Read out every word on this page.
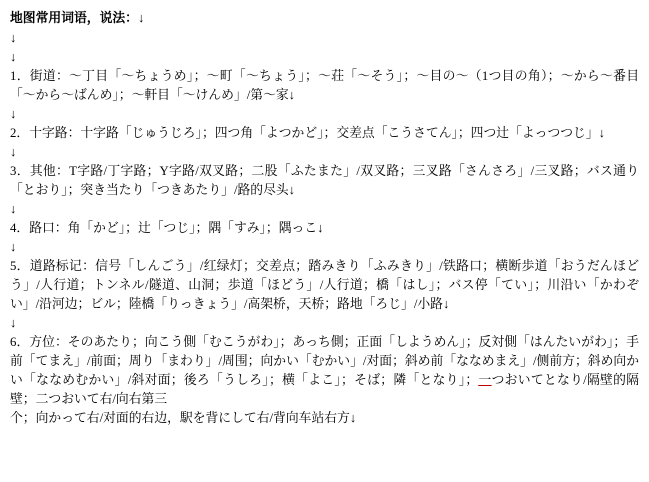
地图常用词语，说法：↓

↓

↓

1．街道：〜丁目「〜ちょうめ」；〜町「〜ちょう」；〜荘「〜そう」；〜目の〜（1つ目の角）；〜から〜番目「〜から〜ばんめ」；〜軒目「〜けんめ」/第〜家↓

↓

2．十字路：十字路「じゅうじろ」；四つ角「よつかど」；交差点「こうさてん」；四つ辻「よっつつじ」↓

↓

3．其他：T字路/丁字路；Y字路/双叉路；二股「ふたまた」/双叉路；三叉路「さんさろ」/三叉路；バス通り「とおり」；突き当たり「つきあたり」/路的尽头↓

↓

4．路口：角「かど」；辻「つじ」；隅「すみ」；隅っこ↓

↓

5．道路标记：信号「しんごう」/红绿灯；交差点；踏みきり「ふみきり」/铁路口；横断歩道「おうだんほどう」/人行道；トンネル/隧道、山洞；歩道「ほどう」/人行道；橋「はし」；バス停「てい」；川沿い「かわぞい」/沿河边；ビル；陸橋「りっきょう」/高架桥，天桥；路地「ろじ」/小路↓

↓

6．方位：そのあたり；向こう側「むこうがわ」；あっち側；正面「しようめん」；反対側「はんたいがわ」；手前「てまえ」/前面；周り「まわり」/周围；向かい「むかい」/对面；斜め前「ななめまえ」/侧前方；斜め向かい「ななめむかい」/斜对面；後ろ「うしろ」；横「よこ」；そば；隣「となり」；一つおいてとなり/隔壁的隔壁；二つおいて右/向右第三

个；向かって右/对面的右边，駅を背にして右/背向车站右方↓
